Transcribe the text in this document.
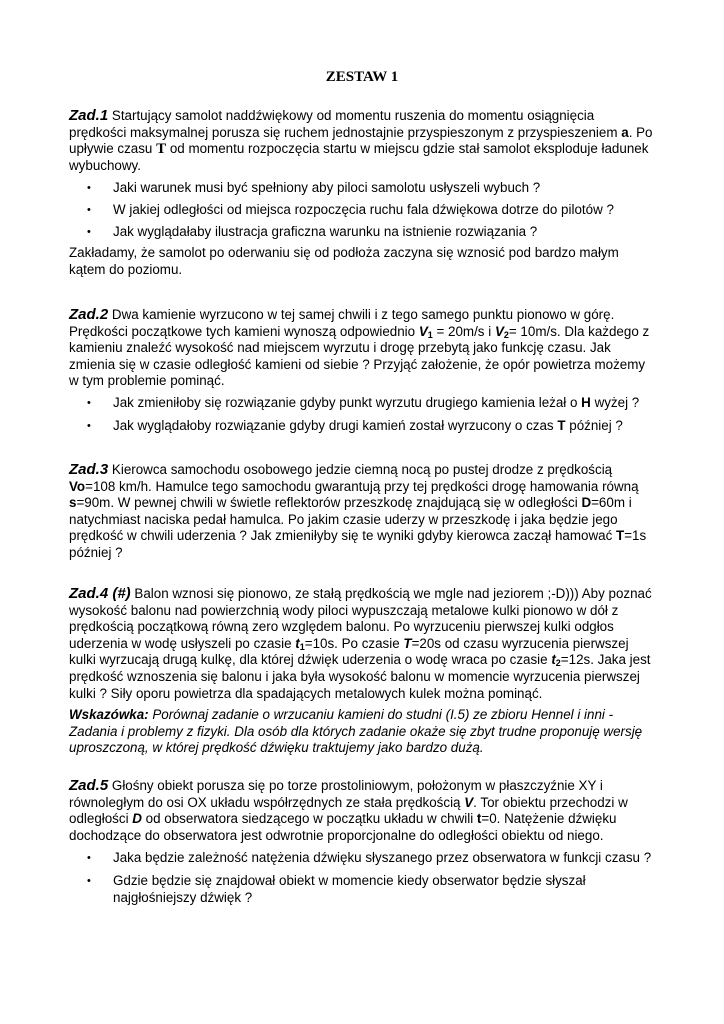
ZESTAW 1

Zad.1 Startujący samolot naddźwiękowy od momentu ruszenia do momentu osiągnięcia prędkości maksymalnej porusza się ruchem jednostajnie przyspieszonym z przyspieszeniem a. Po upływie czasu T od momentu rozpoczęcia startu w miejscu gdzie stał samolot eksploduje ładunek wybuchowy.

• Jaki warunek musi być spełniony aby piloci samolotu usłyszeli wybuch ?
• W jakiej odległości od miejsca rozpoczęcia ruchu fala dźwiękowa dotrze do pilotów ?
• Jak wyglądałaby ilustracja graficzna warunku na istnienie rozwiązania ?

Zakładamy, że samolot po oderwaniu się od podłoża zaczyna się wznosić pod bardzo małym kątem do poziomu.

Zad.2 Dwa kamienie wyrzucono w tej samej chwili i z tego samego punktu pionowo w górę. Prędkości początkowe tych kamieni wynoszą odpowiednio $V_1 = 20m/s$ i $V_2= 10m/s$. Dla każdego z kamieniu znaleźć wysokość nad miejscem wyrzutu i drogę przebytą jako funkcję czasu. Jak zmienia się w czasie odległość kamieni od siebie ? Przyjąć założenie, że opór powietrza możemy w tym problemie pominąć.

• Jak zmieniłoby się rozwiązanie gdyby punkt wyrzutu drugiego kamienia leżał o H wyżej ?
• Jak wyglądałoby rozwiązanie gdyby drugi kamień został wyrzucony o czas T później ?

Zad.3 Kierowca samochodu osobowego jedzie ciemną nocą po pustej drodze z prędkością Vo=108 km/h. Hamulce tego samochodu gwarantują przy tej prędkości drogę hamowania równą s=90m. W pewnej chwili w świetle reflektorów przeszkodę znajdującą się w odległości D=60m i natychmiast naciska pedał hamulca. Po jakim czasie uderzy w przeszkodę i jaka będzie jego prędkość w chwili uderzenia ? Jak zmieniłyby się te wyniki gdyby kierowca zaczął hamować T=1s później ?

Zad.4 (#) Balon wznosi się pionowo, ze stałą prędkością we mgle nad jeziorem ;-D))) Aby poznać wysokość balonu nad powierzchnią wody piloci wypuszczają metalowe kulki pionowo w dół z prędkością początkową równą zero względem balonu. Po wyrzuceniu pierwszej kulki odgłos uderzenia w wodę usłyszeli po czasie $t_1=10s$. Po czasie T=20s od czasu wyrzucenia pierwszej kulki wyrzucają drugą kulkę, dla której dźwięk uderzenia o wodę wraca po czasie $t_2=12s$. Jaka jest prędkość wznoszenia się balonu i jaka była wysokość balonu w momencie wyrzucenia pierwszej kulki ? Siły oporu powietrza dla spadających metalowych kulek można pominąć.

Wskazówka: Porównaj zadanie o wrzucaniu kamieni do studni (I.5) ze zbioru Hennel i inni - Zadania i problemy z fizyki. Dla osób dla których zadanie okaże się zbyt trudne proponuję wersję uproszczoną, w której prędkość dźwięku traktujemy jako bardzo dużą.

Zad.5 Głośny obiekt porusza się po torze prostoliniowym, położonym w płaszczyźnie XY i równoległym do osi OX układu współrzędnych ze stała prędkością V. Tor obiektu przechodzi w odległości D od obserwatora siedzącego w początku układu w chwili t=0. Natężenie dźwięku dochodzące do obserwatora jest odwrotnie proporcjonalne do odległości obiektu od niego.

• Jaka będzie zależność natężenia dźwięku słyszanego przez obserwatora w funkcji czasu ?
• Gdzie będzie się znajdował obiekt w momencie kiedy obserwator będzie słyszał najgłośniejszy dźwięk ?
